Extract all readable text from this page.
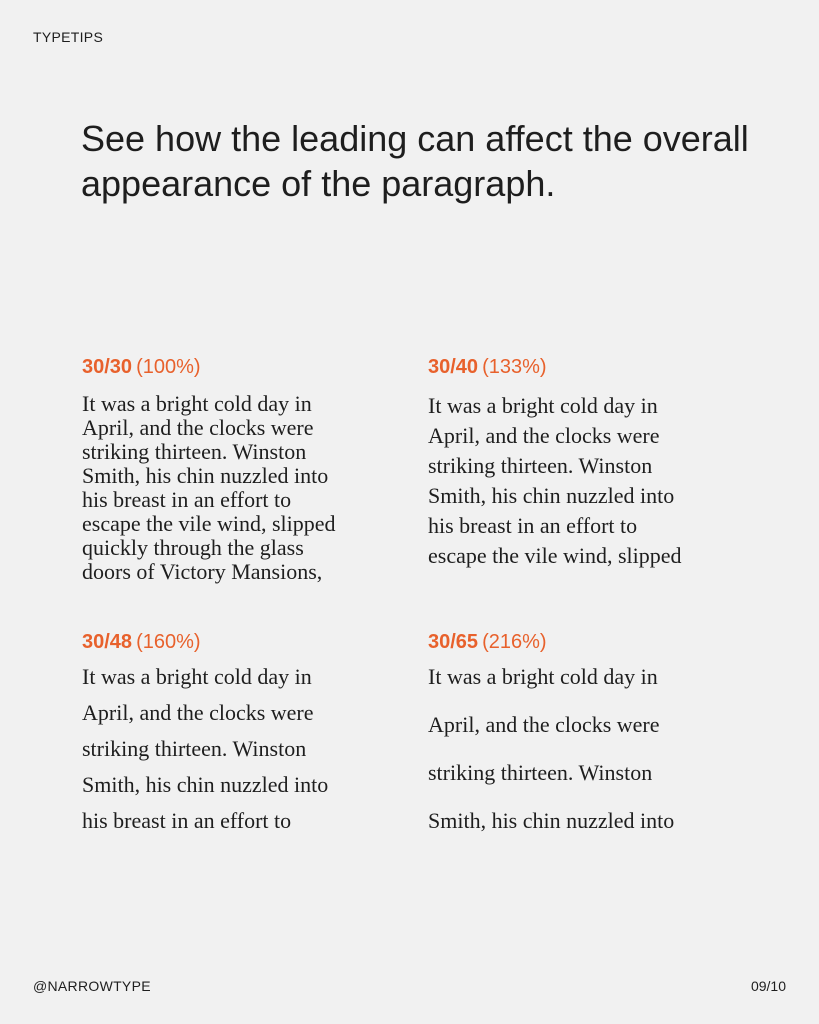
TYPETIPS
See how the leading can affect the overall appearance of the paragraph.

30/30 (100%)

It was a bright cold day in
April, and the clocks were
striking thirteen. Winston
Smith, his chin nuzzled into
his breast in an effort to
escape the vile wind, slipped
quickly through the glass
doors of Victory Mansions,

30/40 (133%)

It was a bright cold day in
April, and the clocks were
striking thirteen. Winston
Smith, his chin nuzzled into
his breast in an effort to
escape the vile wind, slipped

30/48 (160%)

It was a bright cold day in
April, and the clocks were
striking thirteen. Winston
Smith, his chin nuzzled into
his breast in an effort to

30/65 (216%)

It was a bright cold day in
April, and the clocks were
striking thirteen. Winston
Smith, his chin nuzzled into
@NARROWTYPE	09/10
